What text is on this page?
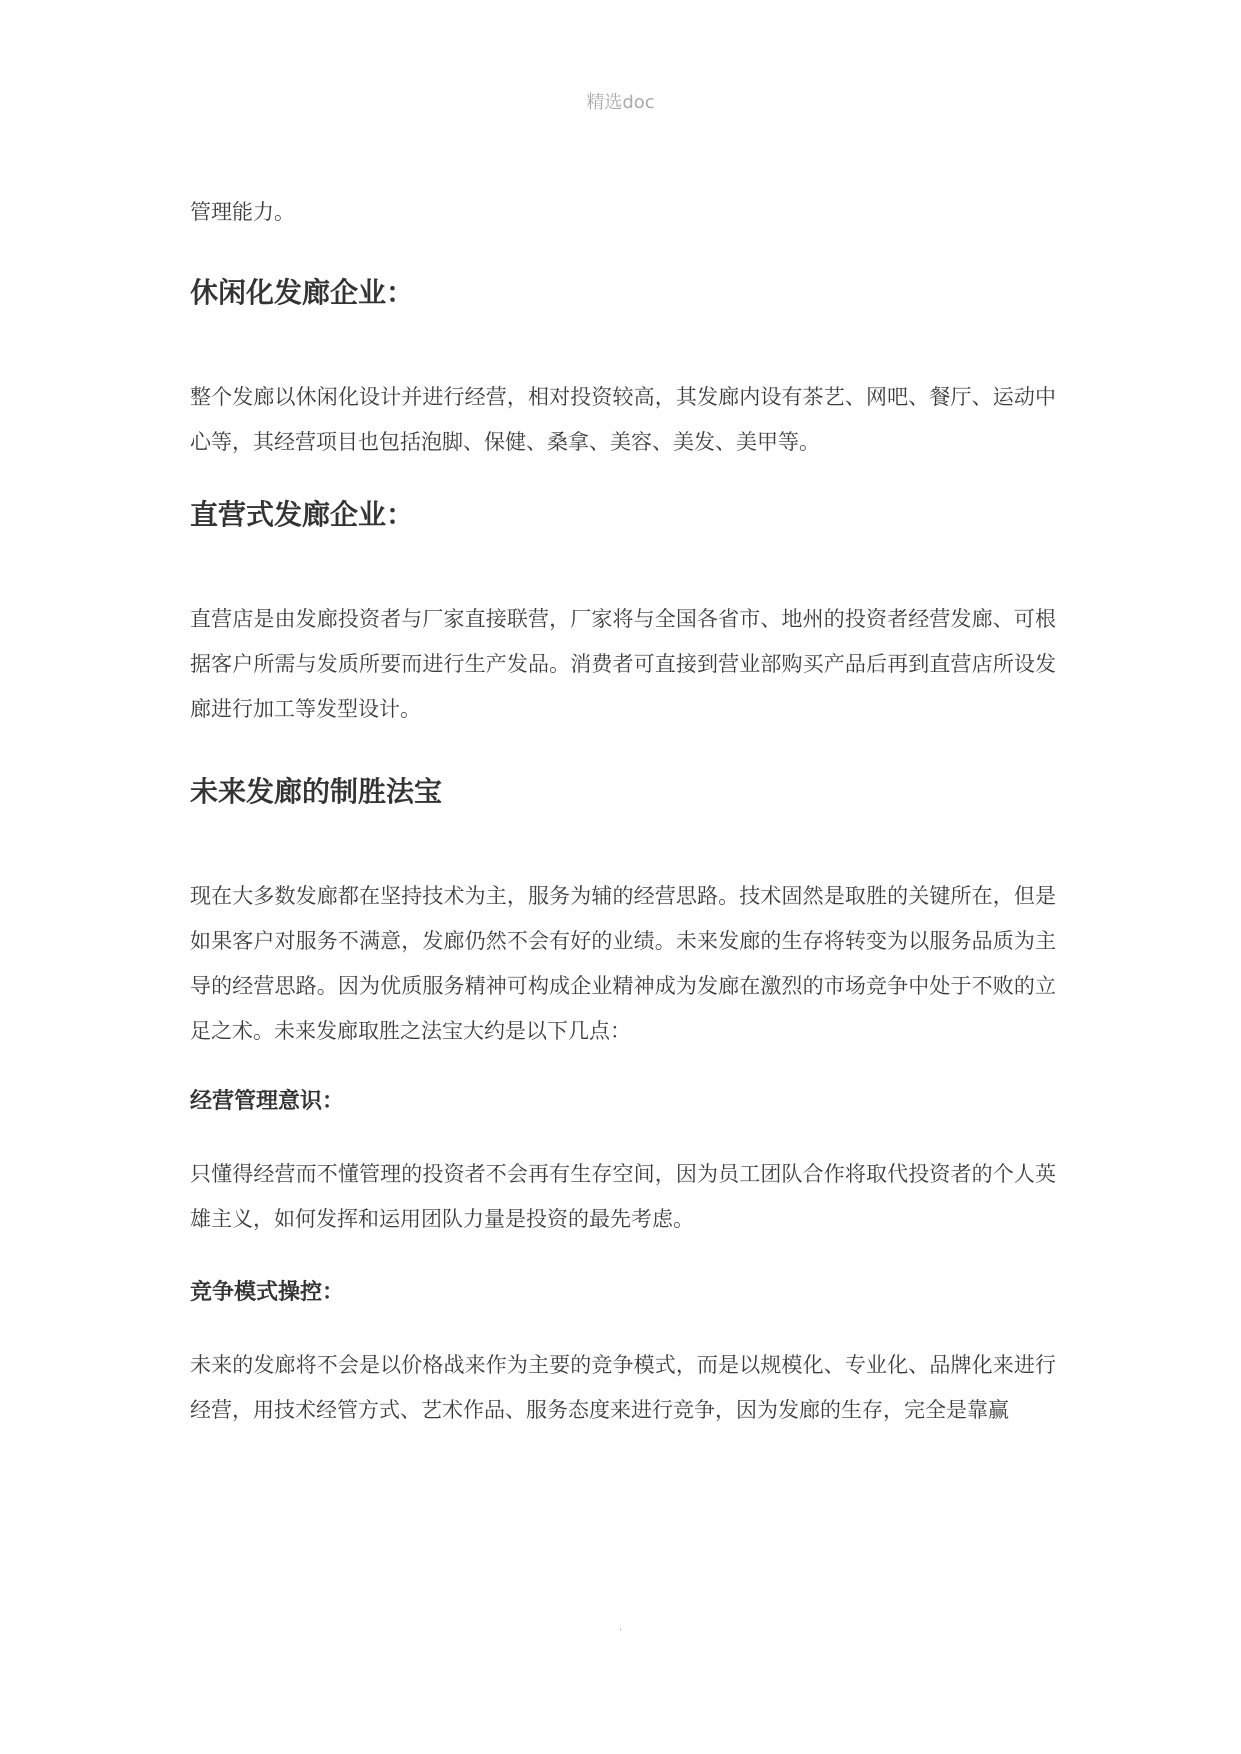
精选doc

管理能力。

休闲化发廊企业：

整个发廊以休闲化设计并进行经营，相对投资较高，其发廊内设有茶艺、网吧、餐厅、运动中心等，其经营项目也包括泡脚、保健、桑拿、美容、美发、美甲等。

直营式发廊企业：

直营店是由发廊投资者与厂家直接联营，厂家将与全国各省市、地州的投资者经营发廊、可根据客户所需与发质所要而进行生产发品。消费者可直接到营业部购买产品后再到直营店所设发廊进行加工等发型设计。

未来发廊的制胜法宝

现在大多数发廊都在坚持技术为主，服务为辅的经营思路。技术固然是取胜的关键所在，但是如果客户对服务不满意，发廊仍然不会有好的业绩。未来发廊的生存将转变为以服务品质为主导的经营思路。因为优质服务精神可构成企业精神成为发廊在激烈的市场竞争中处于不败的立足之术。未来发廊取胜之法宝大约是以下几点：

经营管理意识：

只懂得经营而不懂管理的投资者不会再有生存空间，因为员工团队合作将取代投资者的个人英雄主义，如何发挥和运用团队力量是投资的最先考虑。

竞争模式操控：

未来的发廊将不会是以价格战来作为主要的竞争模式，而是以规模化、专业化、品牌化来进行经营，用技术经管方式、艺术作品、服务态度来进行竞争，因为发廊的生存，完全是靠赢

.
